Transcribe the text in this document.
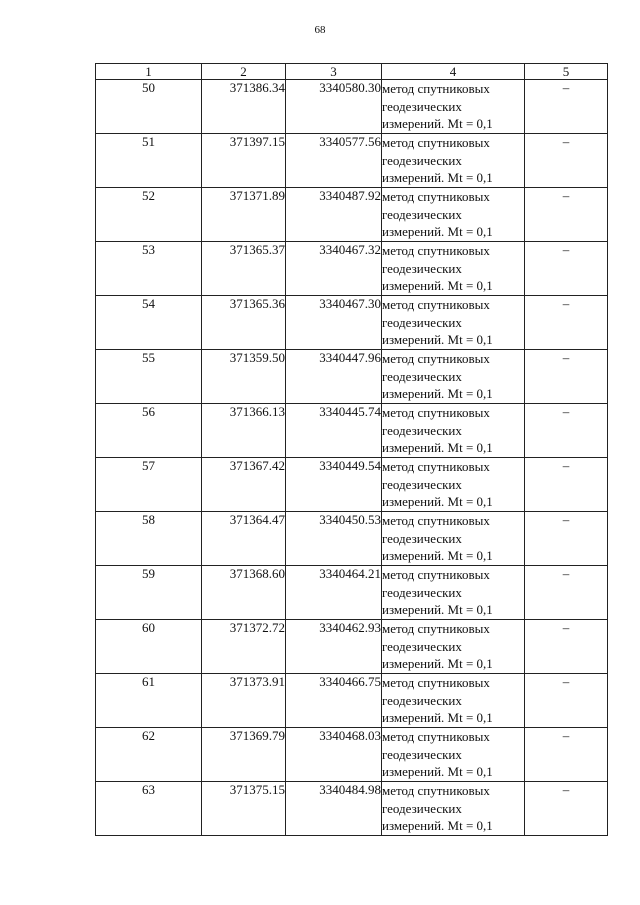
68
1	2	3	4	5
50	371386.34	3340580.30	метод спутниковых геодезических измерений. Mt = 0,1	–
51	371397.15	3340577.56	метод спутниковых геодезических измерений. Mt = 0,1	–
52	371371.89	3340487.92	метод спутниковых геодезических измерений. Mt = 0,1	–
53	371365.37	3340467.32	метод спутниковых геодезических измерений. Mt = 0,1	–
54	371365.36	3340467.30	метод спутниковых геодезических измерений. Mt = 0,1	–
55	371359.50	3340447.96	метод спутниковых геодезических измерений. Mt = 0,1	–
56	371366.13	3340445.74	метод спутниковых геодезических измерений. Mt = 0,1	–
57	371367.42	3340449.54	метод спутниковых геодезических измерений. Mt = 0,1	–
58	371364.47	3340450.53	метод спутниковых геодезических измерений. Mt = 0,1	–
59	371368.60	3340464.21	метод спутниковых геодезических измерений. Mt = 0,1	–
60	371372.72	3340462.93	метод спутниковых геодезических измерений. Mt = 0,1	–
61	371373.91	3340466.75	метод спутниковых геодезических измерений. Mt = 0,1	–
62	371369.79	3340468.03	метод спутниковых геодезических измерений. Mt = 0,1	–
63	371375.15	3340484.98	метод спутниковых геодезических измерений. Mt = 0,1	–
